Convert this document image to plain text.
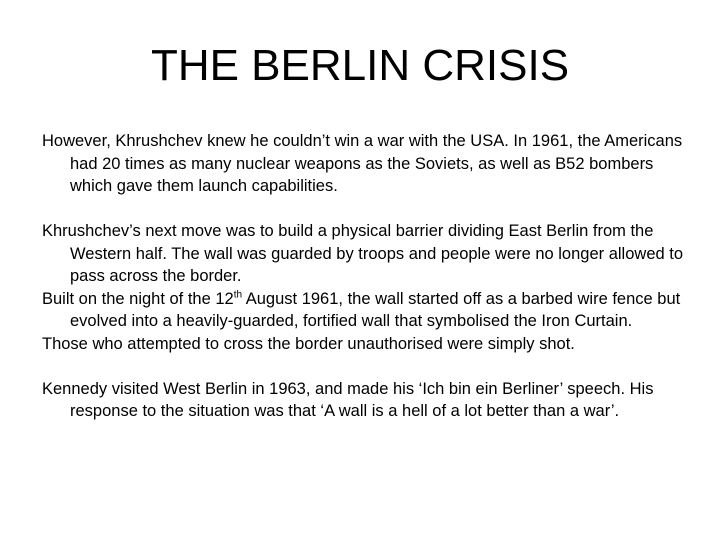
THE BERLIN CRISIS

However, Khrushchev knew he couldn’t win a war with the USA. In 1961, the Americans had 20 times as many nuclear weapons as the Soviets, as well as B52 bombers which gave them launch capabilities.

Khrushchev’s next move was to build a physical barrier dividing East Berlin from the Western half. The wall was guarded by troops and people were no longer allowed to pass across the border.

Built on the night of the 12th August 1961, the wall started off as a barbed wire fence but evolved into a heavily-guarded, fortified wall that symbolised the Iron Curtain.

Those who attempted to cross the border unauthorised were simply shot.

Kennedy visited West Berlin in 1963, and made his ‘Ich bin ein Berliner’ speech. His response to the situation was that ‘A wall is a hell of a lot better than a war’.
